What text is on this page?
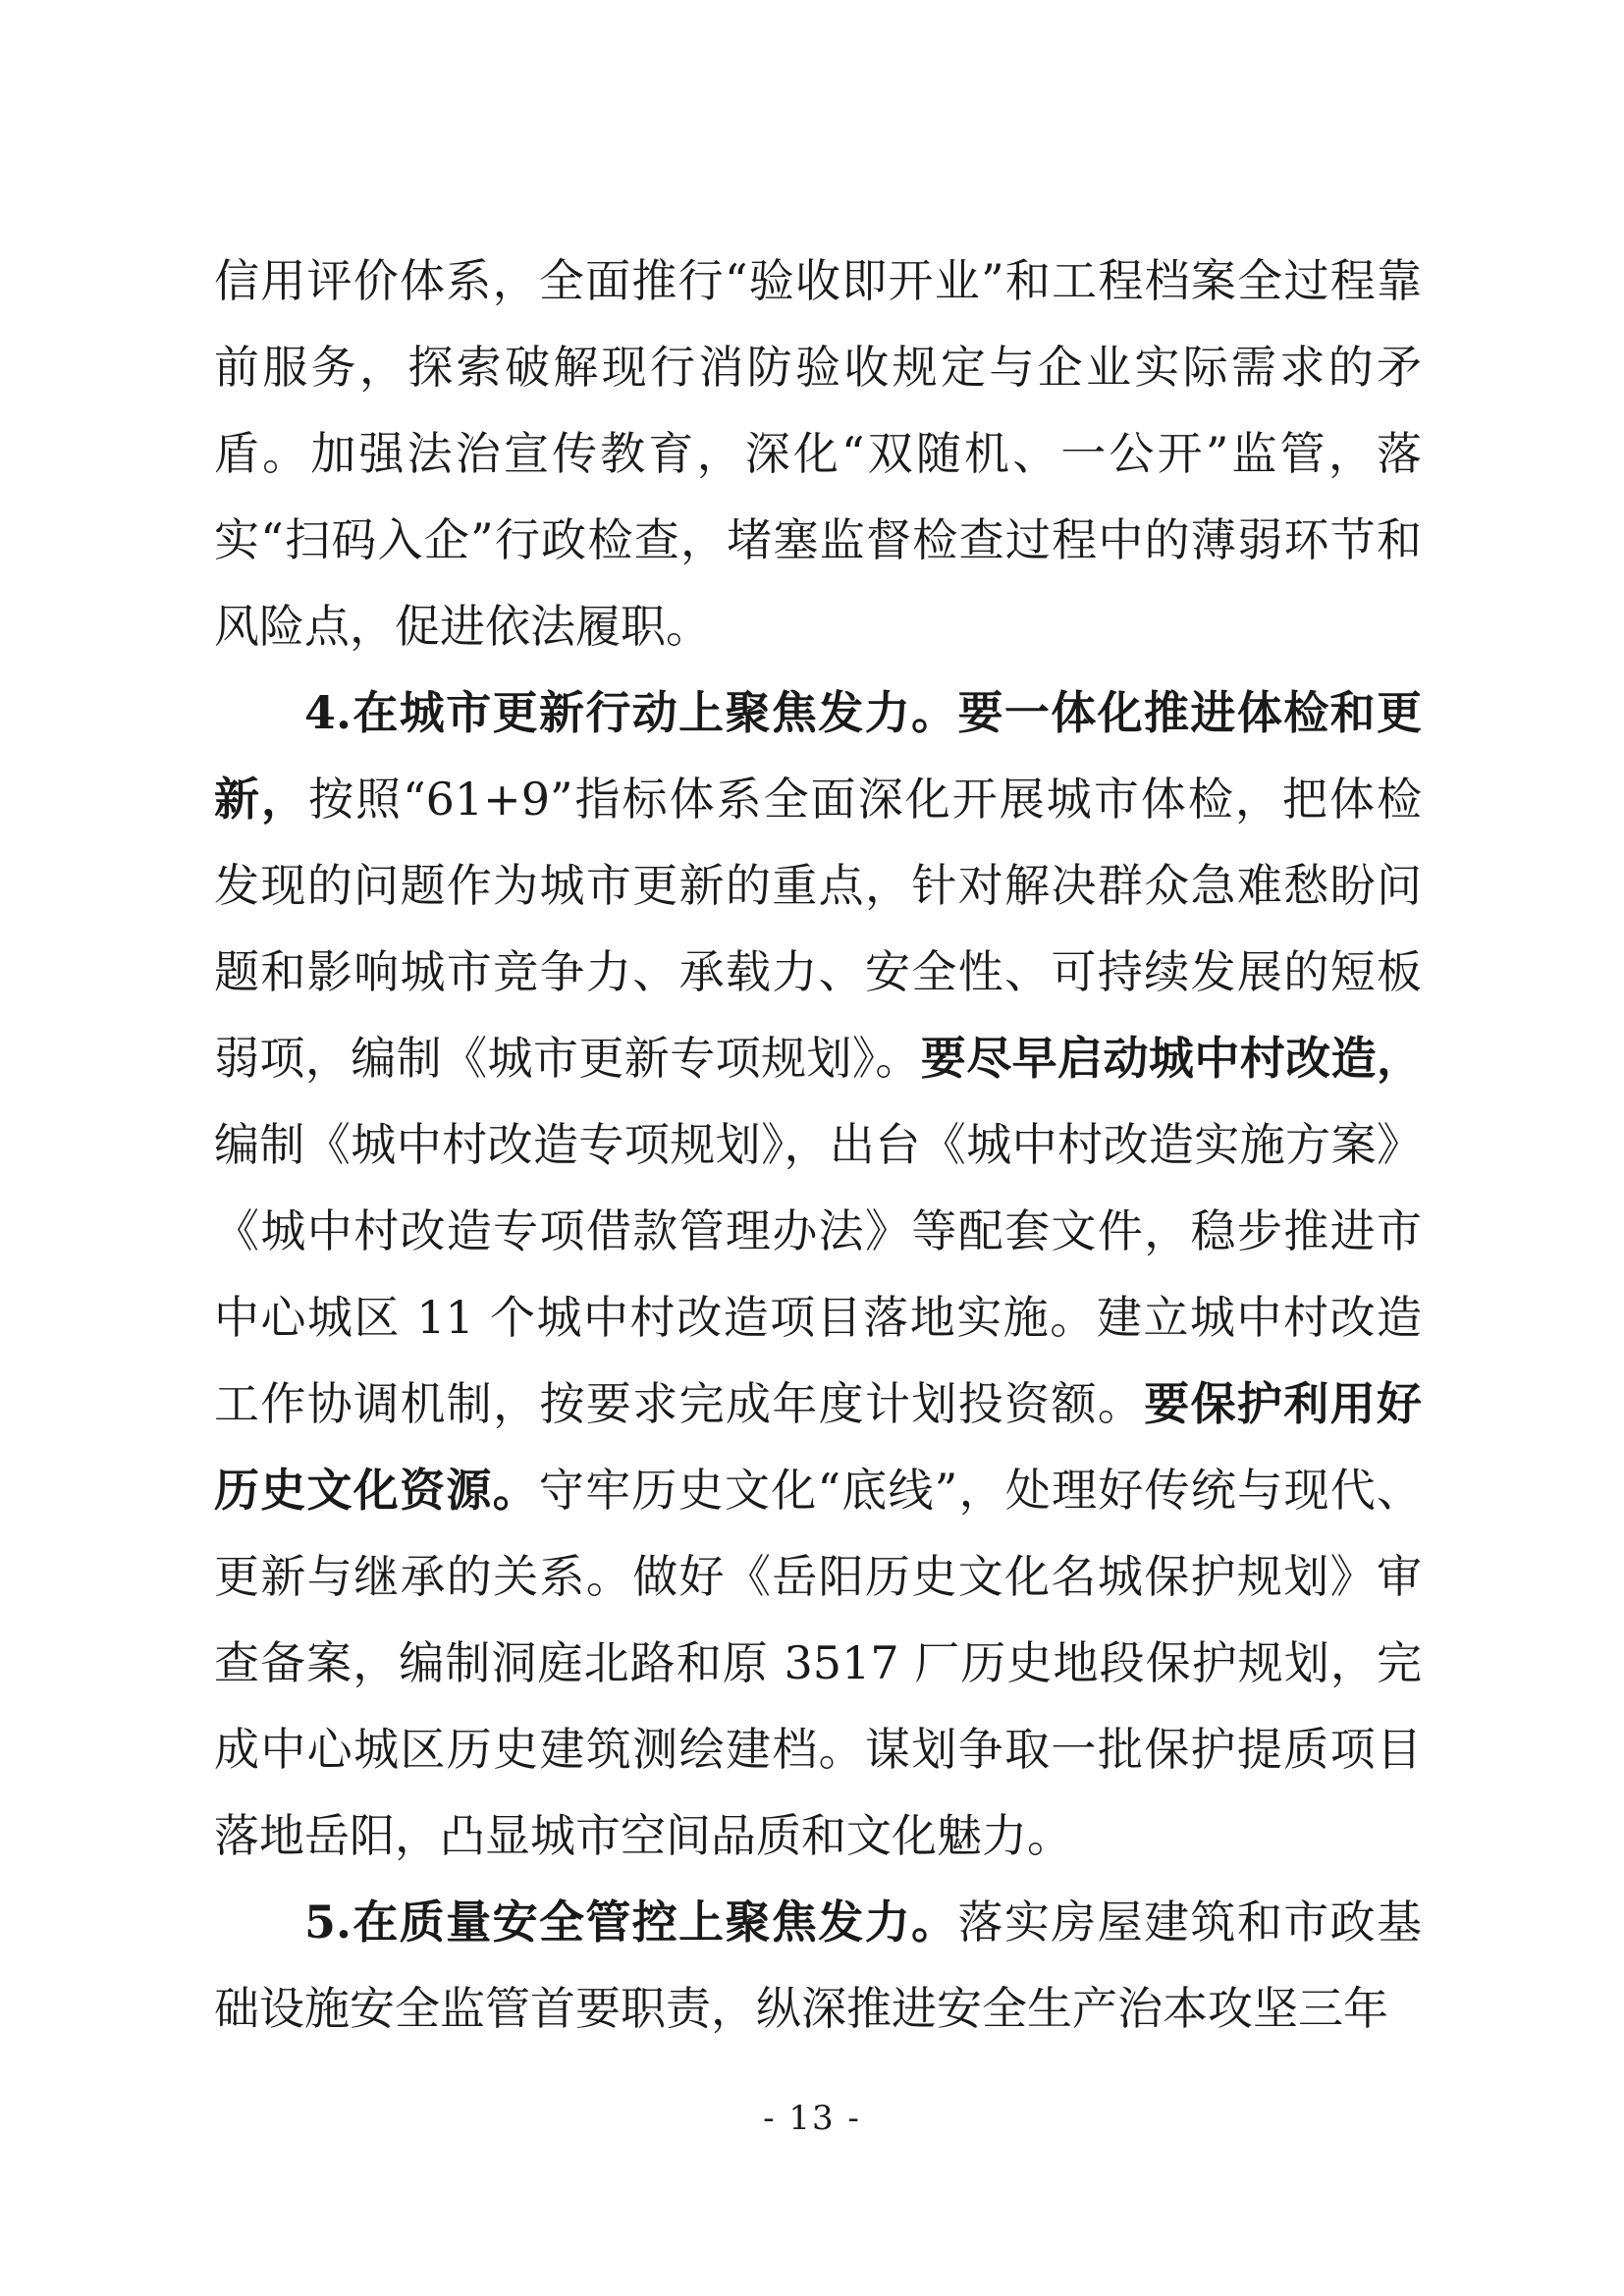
信用评价体系，全面推行“验收即开业”和工程档案全过程靠前服务，探索破解现行消防验收规定与企业实际需求的矛盾。加强法治宣传教育，深化“双随机、一公开”监管，落实“扫码入企”行政检查，堵塞监督检查过程中的薄弱环节和风险点，促进依法履职。

4.在城市更新行动上聚焦发力。要一体化推进体检和更新，按照“61+9”指标体系全面深化开展城市体检，把体检发现的问题作为城市更新的重点，针对解决群众急难愁盼问题和影响城市竞争力、承载力、安全性、可持续发展的短板弱项，编制《城市更新专项规划》。要尽早启动城中村改造，编制《城中村改造专项规划》，出台《城中村改造实施方案》《城中村改造专项借款管理办法》等配套文件，稳步推进市中心城区 11 个城中村改造项目落地实施。建立城中村改造工作协调机制，按要求完成年度计划投资额。要保护利用好历史文化资源。守牢历史文化“底线”，处理好传统与现代、更新与继承的关系。做好《岳阳历史文化名城保护规划》审查备案，编制洞庭北路和原 3517 厂历史地段保护规划，完成中心城区历史建筑测绘建档。谋划争取一批保护提质项目落地岳阳，凸显城市空间品质和文化魅力。

5.在质量安全管控上聚焦发力。落实房屋建筑和市政基础设施安全监管首要职责，纵深推进安全生产治本攻坚三年

- 13 -
